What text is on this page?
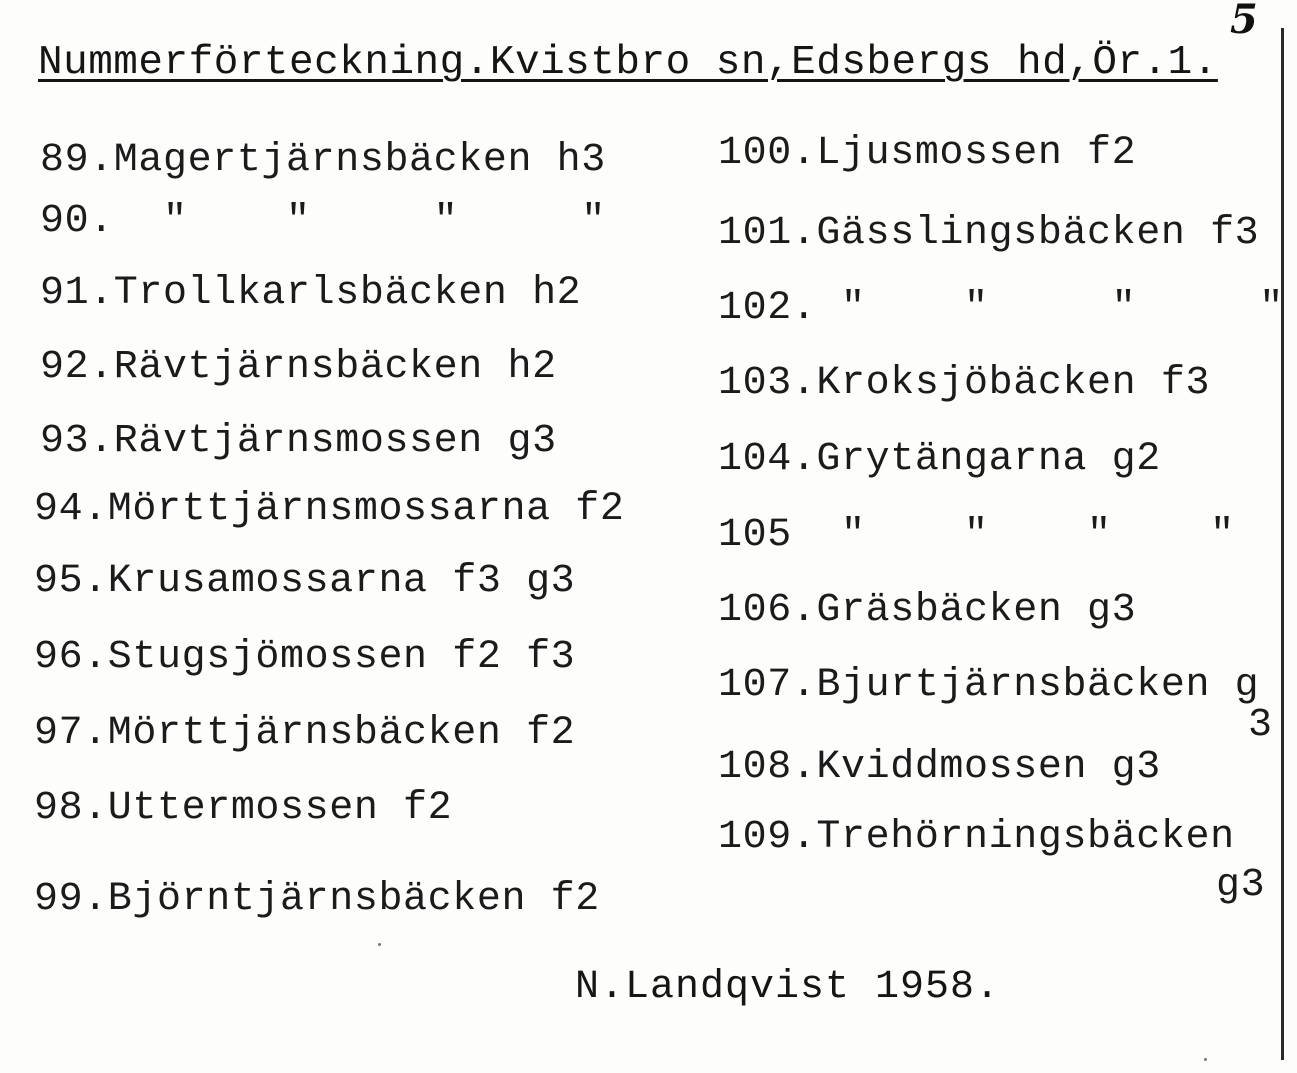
5
Nummerförteckning.Kvistbro sn,Edsbergs hd,Ör.1.
89.Magertjärnsbäcken h3
90.  "    "     "     "
91.Trollkarlsbäcken h2
92.Rävtjärnsbäcken h2
93.Rävtjärnsmossen g3
94.Mörttjärnsmossarna f2
95.Krusamossarna f3 g3
96.Stugsjömossen f2 f3
97.Mörttjärnsbäcken f2
98.Uttermossen f2
99.Björntjärnsbäcken f2
100.Ljusmossen f2
101.Gässlingsbäcken f3
102. "    "     "     "
103.Kroksjöbäcken f3
104.Grytängarna g2
105  "    "    "    "
106.Gräsbäcken g3
107.Bjurtjärnsbäcken g
3
108.Kviddmossen g3
109.Trehörningsbäcken
g3
N.Landqvist 1958.
